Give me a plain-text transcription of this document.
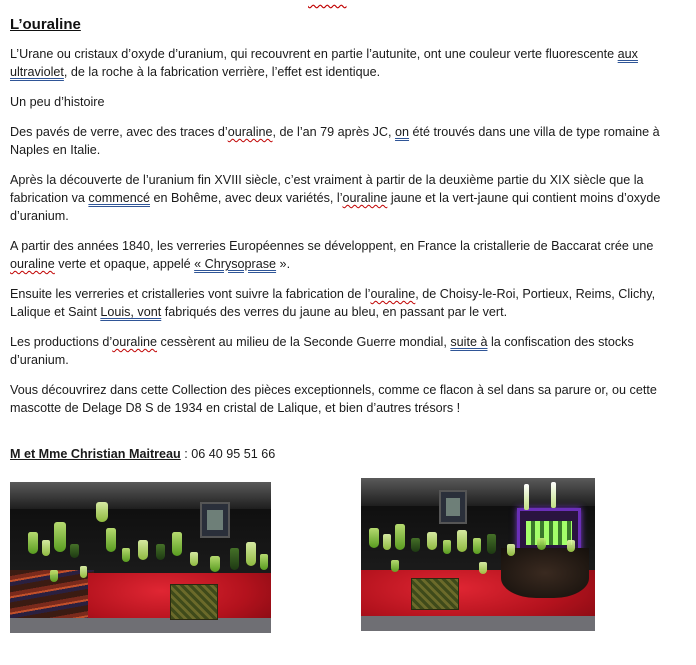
L’ouraline

L’Urane ou cristaux d’oxyde d’uranium, qui recouvrent en partie l’autunite, ont une couleur verte fluorescente aux ultraviolet, de la roche à la fabrication verrière, l’effet est identique.

Un peu d’histoire

Des pavés de verre, avec des traces d’ouraline, de l’an 79 après JC, on été trouvés dans une villa de type romaine à Naples en Italie.

Après la découverte de l’uranium fin XVIII siècle, c’est vraiment à partir de la deuxième partie du XIX siècle que la fabrication va commencé en Bohême, avec deux variétés, l’ouraline jaune et la vert-jaune qui contient moins d’oxyde d’uranium.

A partir des années 1840, les verreries Européennes se développent, en France la cristallerie de Baccarat crée une ouraline verte et opaque, appelé « Chrysoprase ».

Ensuite les verreries et cristalleries vont suivre la fabrication de l’ouraline, de Choisy-le-Roi, Portieux, Reims, Clichy, Lalique et Saint Louis, vont fabriqués des verres du jaune au bleu, en passant par le vert.

Les productions d’ouraline cessèrent au milieu de la Seconde Guerre mondial, suite à la confiscation des stocks d’uranium.

Vous découvrirez dans cette Collection des pièces exceptionnels, comme ce flacon à sel dans sa parure or, ou cette mascotte de Delage D8 S de 1934 en cristal de Lalique, et bien d’autres trésors !

M et Mme Christian Maitreau : 06 40 95 51 66
